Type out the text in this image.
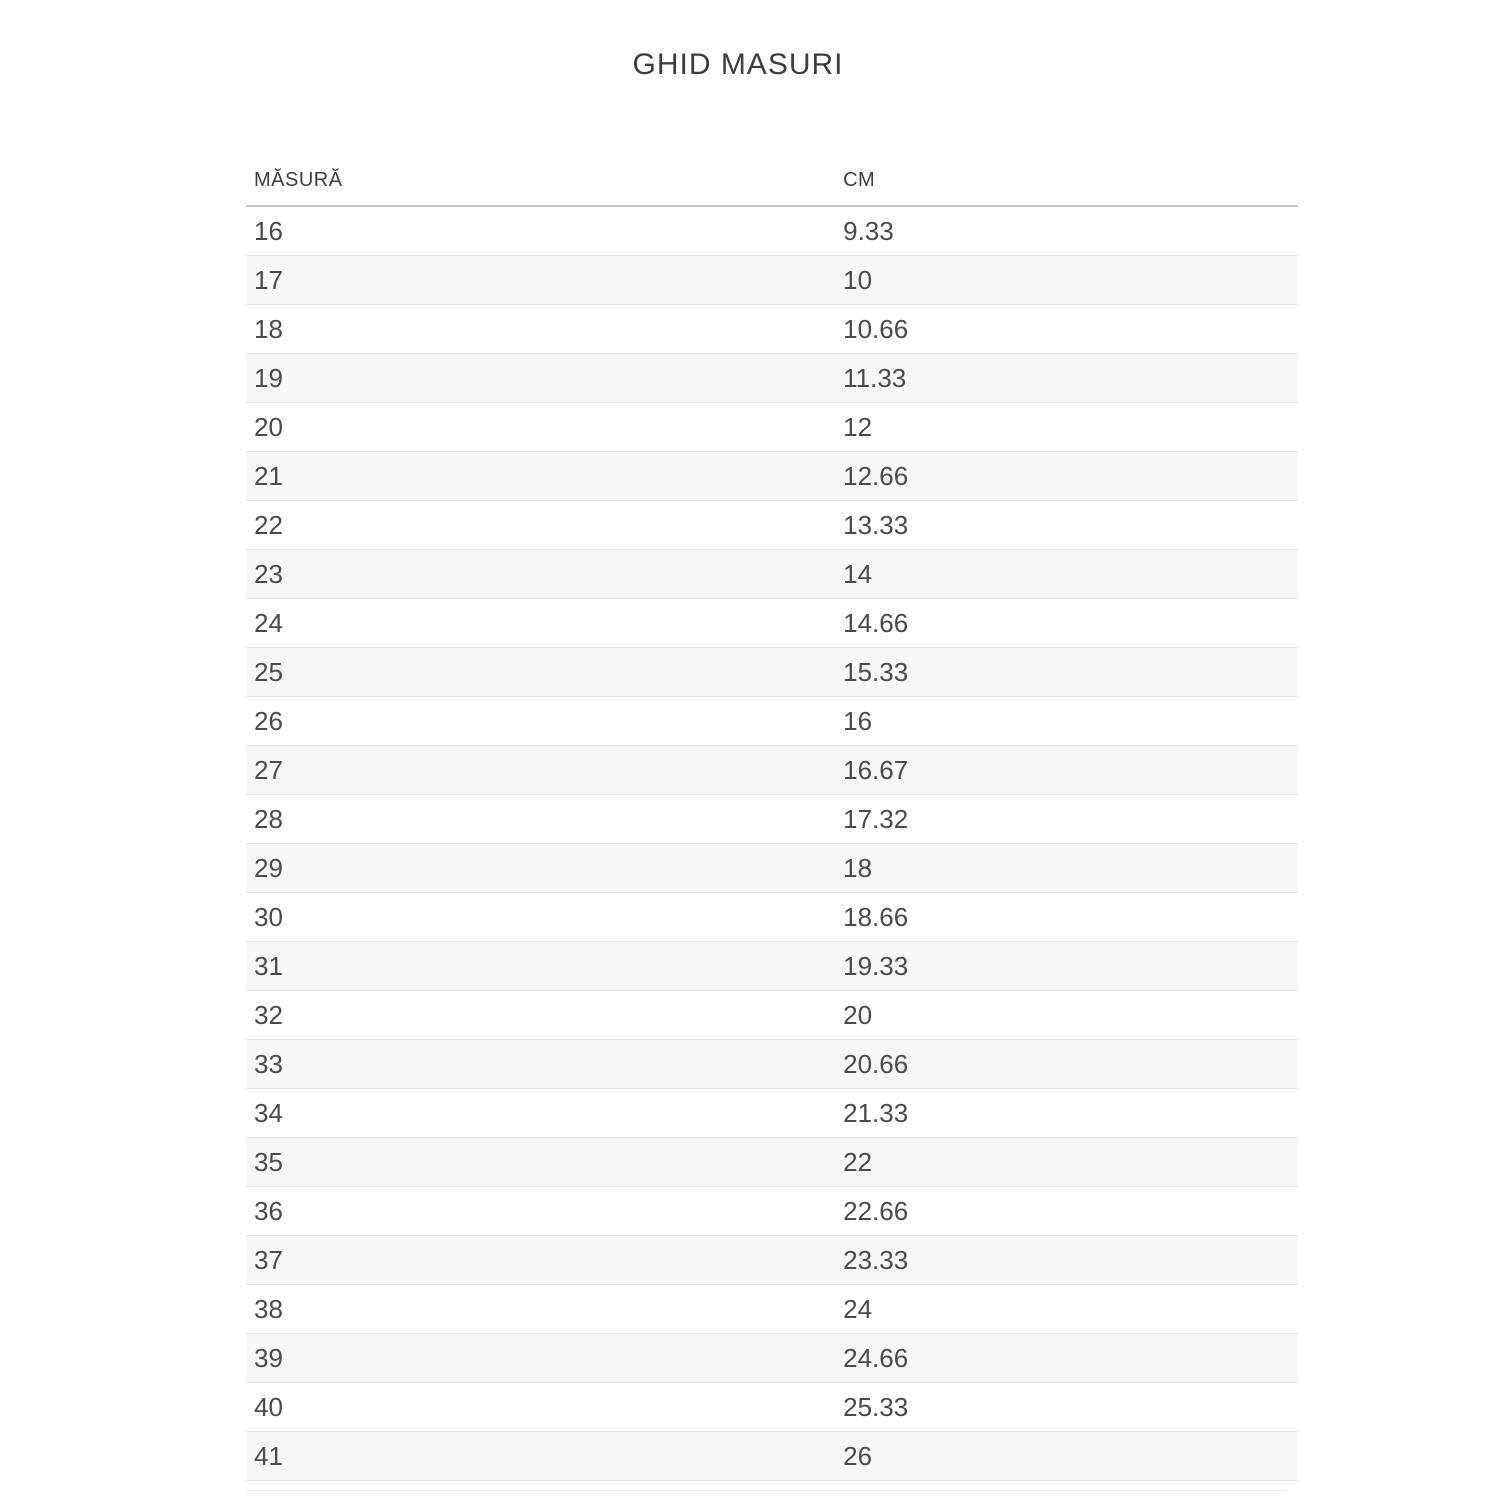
GHID MASURI
MĂSURĂ	CM
16	9.33
17	10
18	10.66
19	11.33
20	12
21	12.66
22	13.33
23	14
24	14.66
25	15.33
26	16
27	16.67
28	17.32
29	18
30	18.66
31	19.33
32	20
33	20.66
34	21.33
35	22
36	22.66
37	23.33
38	24
39	24.66
40	25.33
41	26
